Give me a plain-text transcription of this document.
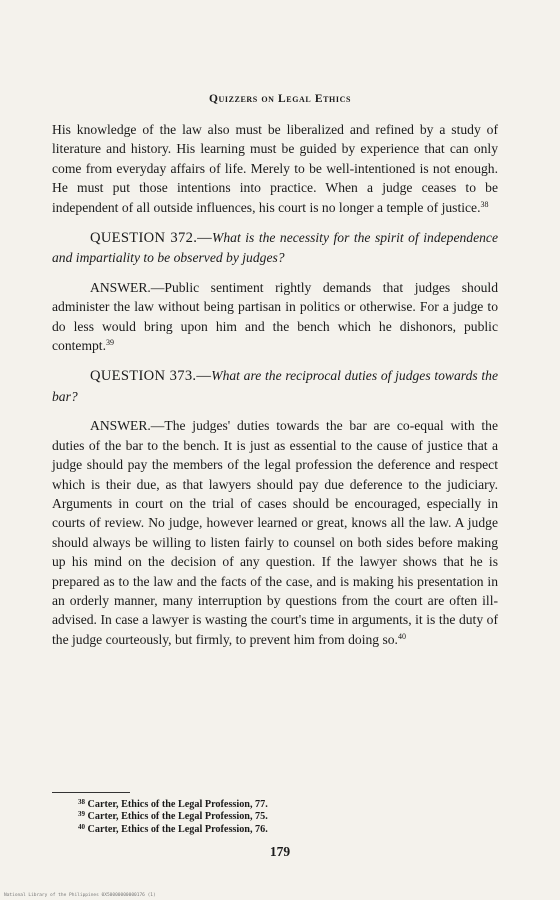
Quizzers on Legal Ethics

His knowledge of the law also must be liberalized and refined by a study of literature and history. His learning must be guided by experience that can only come from everyday affairs of life. Merely to be well-intentioned is not enough. He must put those intentions into practice. When a judge ceases to be independent of all outside influences, his court is no longer a temple of justice.$^{38}$

QUESTION 372.—What is the necessity for the spirit of independence and impartiality to be observed by judges?

ANSWER.—Public sentiment rightly demands that judges should administer the law without being partisan in politics or otherwise. For a judge to do less would bring upon him and the bench which he dishonors, public contempt.$^{39}$

QUESTION 373.—What are the reciprocal duties of judges towards the bar?

ANSWER.—The judges' duties towards the bar are co-equal with the duties of the bar to the bench. It is just as essential to the cause of justice that a judge should pay the members of the legal profession the deference and respect which is their due, as that lawyers should pay due deference to the judiciary. Arguments in court on the trial of cases should be encouraged, especially in courts of review. No judge, however learned or great, knows all the law. A judge should always be willing to listen fairly to counsel on both sides before making up his mind on the decision of any question. If the lawyer shows that he is prepared as to the law and the facts of the case, and is making his presentation in an orderly manner, many interruption by questions from the court are often ill-advised. In case a lawyer is wasting the court's time in arguments, it is the duty of the judge courteously, but firmly, to prevent him from doing so.$^{40}$

$^{38}$ Carter, Ethics of the Legal Profession, 77.
$^{39}$ Carter, Ethics of the Legal Profession, 75.
$^{40}$ Carter, Ethics of the Legal Profession, 76.
179
National Library of the Philippines 0X50000000000176 (1)
